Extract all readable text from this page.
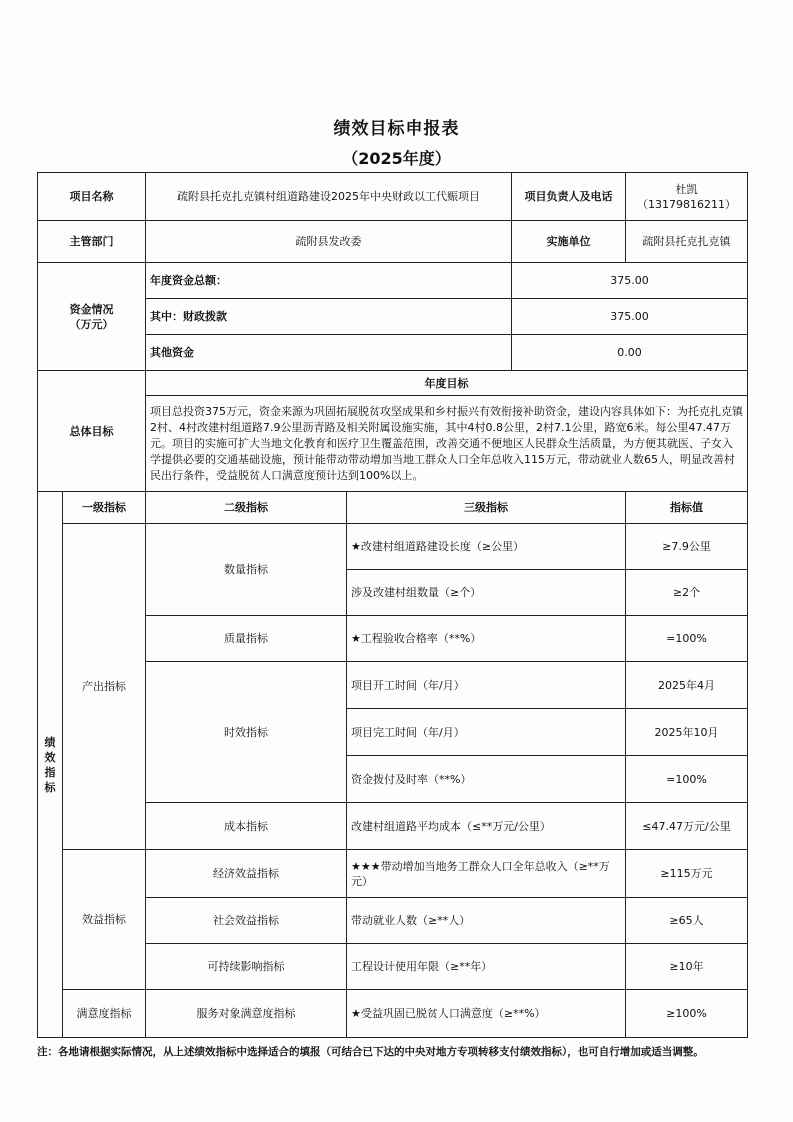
绩效目标申报表
（2025年度）
项目名称		疏附县托克扎克镇村组道路建设2025年中央财政以工代赈项目		项目负责人及电话	杜凯
（13179816211）

主管部门		疏附县发改委		实施单位	疏附县托克扎克镇

资金情况
（万元）		年度资金总额：		375.00	
		其中：财政拨款		375.00	
		其他资金		0.00	
总体目标		年度目标			
		项目总投资375万元，资金来源为巩固拓展脱贫攻坚成果和乡村振兴有效衔接补助资金，建设内容具体如下：为托克扎克镇2村、4村改建村组道路7.9公里沥青路及相关附属设施实施，其中4村0.8公里，2村7.1公里，路宽6米。每公里47.47万元。项目的实施可扩大当地文化教育和医疗卫生覆盖范围，改善交通不便地区人民群众生活质量，为方便其就医、子女入学提供必要的交通基础设施，预计能带动带动增加当地工群众人口全年总收入115万元，带动就业人数65人，明显改善村民出行条件，受益脱贫人口满意度预计达到100%以上。			

绩效
指标	一级指标	二级指标	三级指标		指标值
	产出指标	数量指标	★改建村组道路建设长度（≥公里）		≥7.9公里
			涉及改建村组数量（≥个）		≥2个
		质量指标	★工程验收合格率（**%）		=100%
		时效指标	项目开工时间（年/月）		2025年4月
			项目完工时间（年/月）		2025年10月
			资金拨付及时率（**%）		=100%
		成本指标	改建村组道路平均成本（≤**万元/公里）		≤47.47万元/公里
	效益指标	经济效益指标	★★★带动增加当地务工群众人口全年总收入（≥**万元）		≥115万元
		社会效益指标	带动就业人数（≥**人）		≥65人
		可持续影响指标	工程设计使用年限（≥**年）		≥10年
	满意度指标	服务对象满意度指标	★受益巩固已脱贫人口满意度（≥**%）		≥100%
注：各地请根据实际情况，从上述绩效指标中选择适合的填报（可结合已下达的中央对地方专项转移支付绩效指标），也可自行增加或适当调整。
